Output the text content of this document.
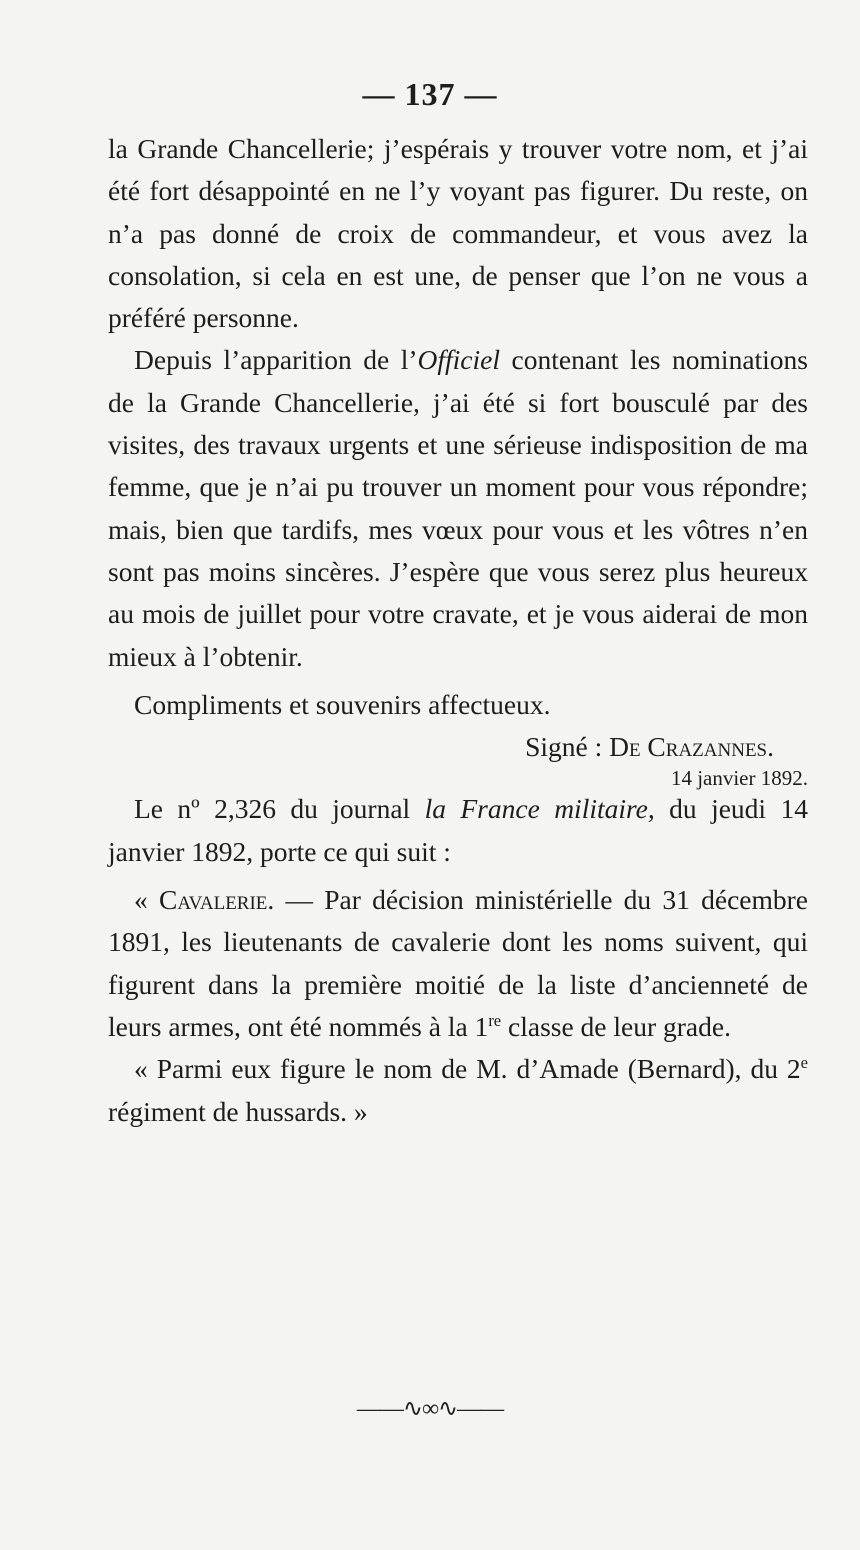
— 137 —

la Grande Chancellerie; j’espérais y trouver votre nom, et j’ai été fort désappointé en ne l’y voyant pas figurer. Du reste, on n’a pas donné de croix de commandeur, et vous avez la consolation, si cela en est une, de penser que l’on ne vous a préféré personne.

Depuis l’apparition de l’Officiel contenant les nominations de la Grande Chancellerie, j’ai été si fort bousculé par des visites, des travaux urgents et une sérieuse indisposition de ma femme, que je n’ai pu trouver un moment pour vous répondre; mais, bien que tardifs, mes vœux pour vous et les vôtres n’en sont pas moins sincères. J’espère que vous serez plus heureux au mois de juillet pour votre cravate, et je vous aiderai de mon mieux à l’obtenir.

Compliments et souvenirs affectueux.

Signé : De Crazannes.

14 janvier 1892.

Le nº 2,326 du journal la France militaire, du jeudi 14 janvier 1892, porte ce qui suit :

« Cavalerie. — Par décision ministérielle du 31 décembre 1891, les lieutenants de cavalerie dont les noms suivent, qui figurent dans la première moitié de la liste d’ancienneté de leurs armes, ont été nommés à la 1re classe de leur grade.

« Parmi eux figure le nom de M. d’Amade (Bernard), du 2e régiment de hussards. »

——∿∞∿——
